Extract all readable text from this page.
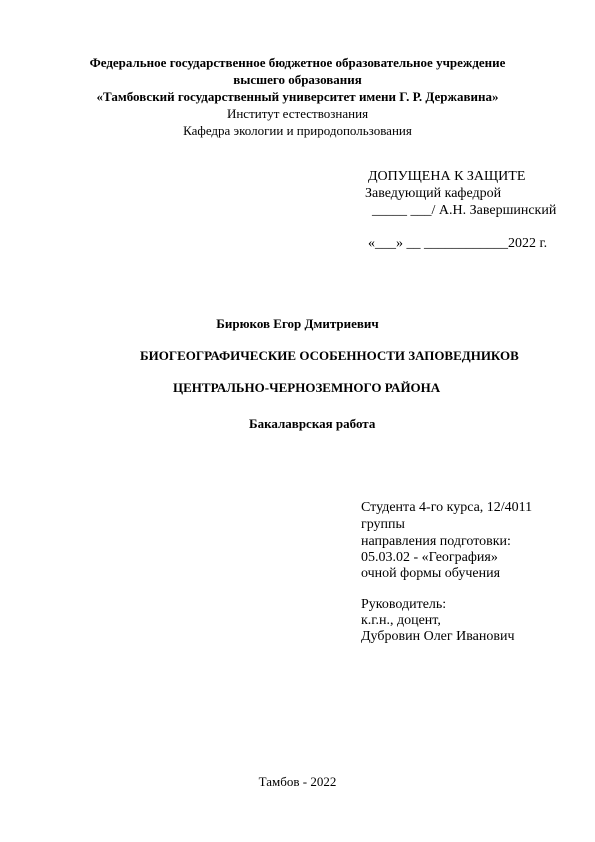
Федеральное государственное бюджетное образовательное учреждение
высшего образования
«Тамбовский государственный университет имени Г. Р. Державина»
Институт естествознания
Кафедра экологии и природопользования
ДОПУЩЕНА К ЗАЩИТЕ
Заведующий кафедрой
_____ ___/ А.Н. Завершинский
«___» __ ____________2022 г.
Бирюков Егор Дмитриевич
БИОГЕОГРАФИЧЕСКИЕ ОСОБЕННОСТИ ЗАПОВЕДНИКОВ
ЦЕНТРАЛЬНО-ЧЕРНОЗЕМНОГО РАЙОНА
Бакалаврская работа
Студента 4-го курса, 12/4011
группы
направления подготовки:
05.03.02 - «География»
очной формы обучения
Руководитель:
к.г.н., доцент,
Дубровин Олег Иванович
Тамбов - 2022
